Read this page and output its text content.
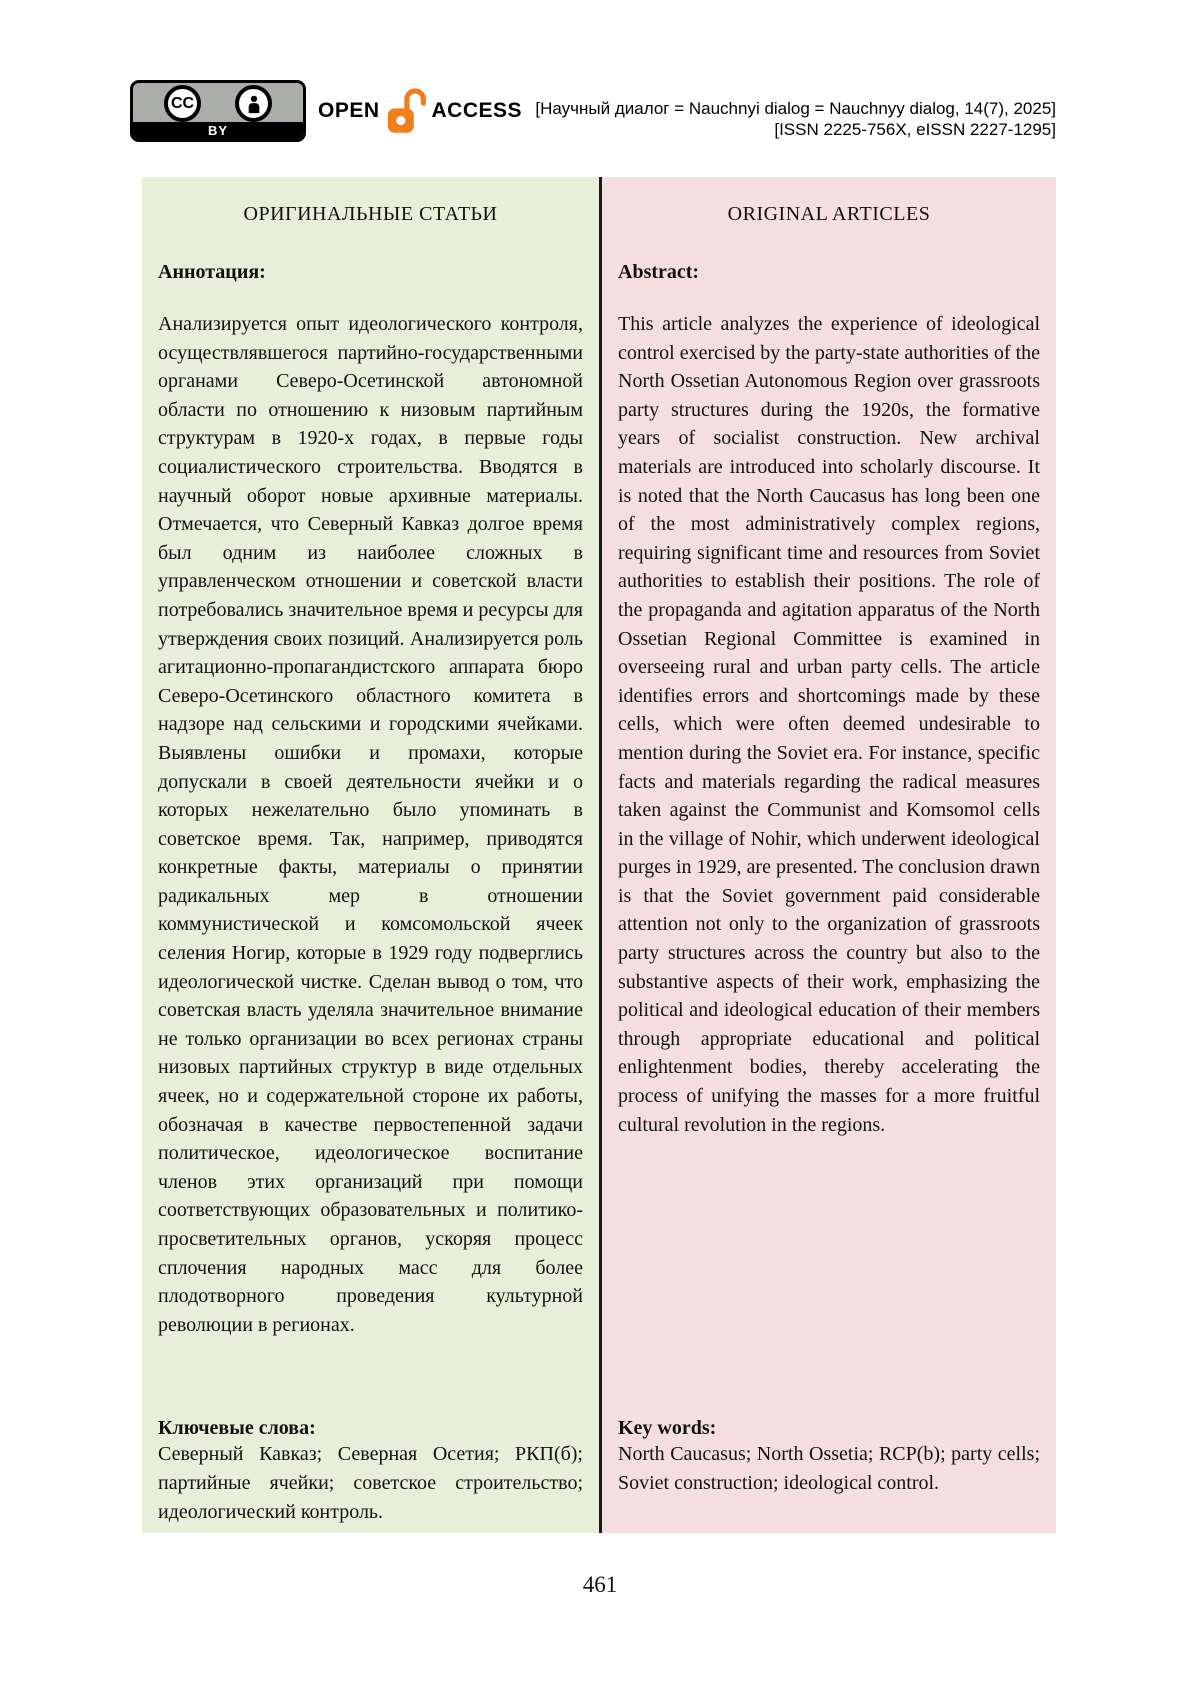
CC
BY
OPEN ACCESS [Научный диалог = Nauchnyi dialog = Nauchnyy dialog, 14(7), 2025]
[ISSN 2225-756X, eISSN 2227-1295]
ОРИГИНАЛЬНЫЕ СТАТЬИ
Аннотация:
Анализируется опыт идеологического контроля, осуществлявшегося партийно-государственными органами Северо-Осетинской автономной области по отношению к низовым партийным структурам в 1920-х годах, в первые годы социалистического строительства. Вводятся в научный оборот новые архивные материалы. Отмечается, что Северный Кавказ долгое время был одним из наиболее сложных в управленческом отношении и советской власти потребовались значительное время и ресурсы для утверждения своих позиций. Анализируется роль агитационно-пропагандистского аппарата бюро Северо-Осетинского областного комитета в надзоре над сельскими и городскими ячейками. Выявлены ошибки и промахи, которые допускали в своей деятельности ячейки и о которых нежелательно было упоминать в советское время. Так, например, приводятся конкретные факты, материалы о принятии радикальных мер в отношении коммунистической и комсомольской ячеек селения Ногир, которые в 1929 году подверглись идеологической чистке. Сделан вывод о том, что советская власть уделяла значительное внимание не только организации во всех регионах страны низовых партийных структур в виде отдельных ячеек, но и содержательной стороне их работы, обозначая в качестве первостепенной задачи политическое, идеологическое воспитание членов этих организаций при помощи соответствующих образовательных и политико-просветительных органов, ускоряя процесс сплочения народных масс для более плодотворного проведения культурной революции в регионах.
Ключевые слова:
Северный Кавказ; Северная Осетия; РКП(б); партийные ячейки; советское строительство; идеологический контроль.
ORIGINAL ARTICLES
Abstract:
This article analyzes the experience of ideological control exercised by the party-state authorities of the North Ossetian Autonomous Region over grassroots party structures during the 1920s, the formative years of socialist construction. New archival materials are introduced into scholarly discourse. It is noted that the North Caucasus has long been one of the most administratively complex regions, requiring significant time and resources from Soviet authorities to establish their positions. The role of the propaganda and agitation apparatus of the North Ossetian Regional Committee is examined in overseeing rural and urban party cells. The article identifies errors and shortcomings made by these cells, which were often deemed undesirable to mention during the Soviet era. For instance, specific facts and materials regarding the radical measures taken against the Communist and Komsomol cells in the village of Nohir, which underwent ideological purges in 1929, are presented. The conclusion drawn is that the Soviet government paid considerable attention not only to the organization of grassroots party structures across the country but also to the substantive aspects of their work, emphasizing the political and ideological education of their members through appropriate educational and political enlightenment bodies, thereby accelerating the process of unifying the masses for a more fruitful cultural revolution in the regions.
Key words:
North Caucasus; North Ossetia; RCP(b); party cells; Soviet construction; ideological control.
461
